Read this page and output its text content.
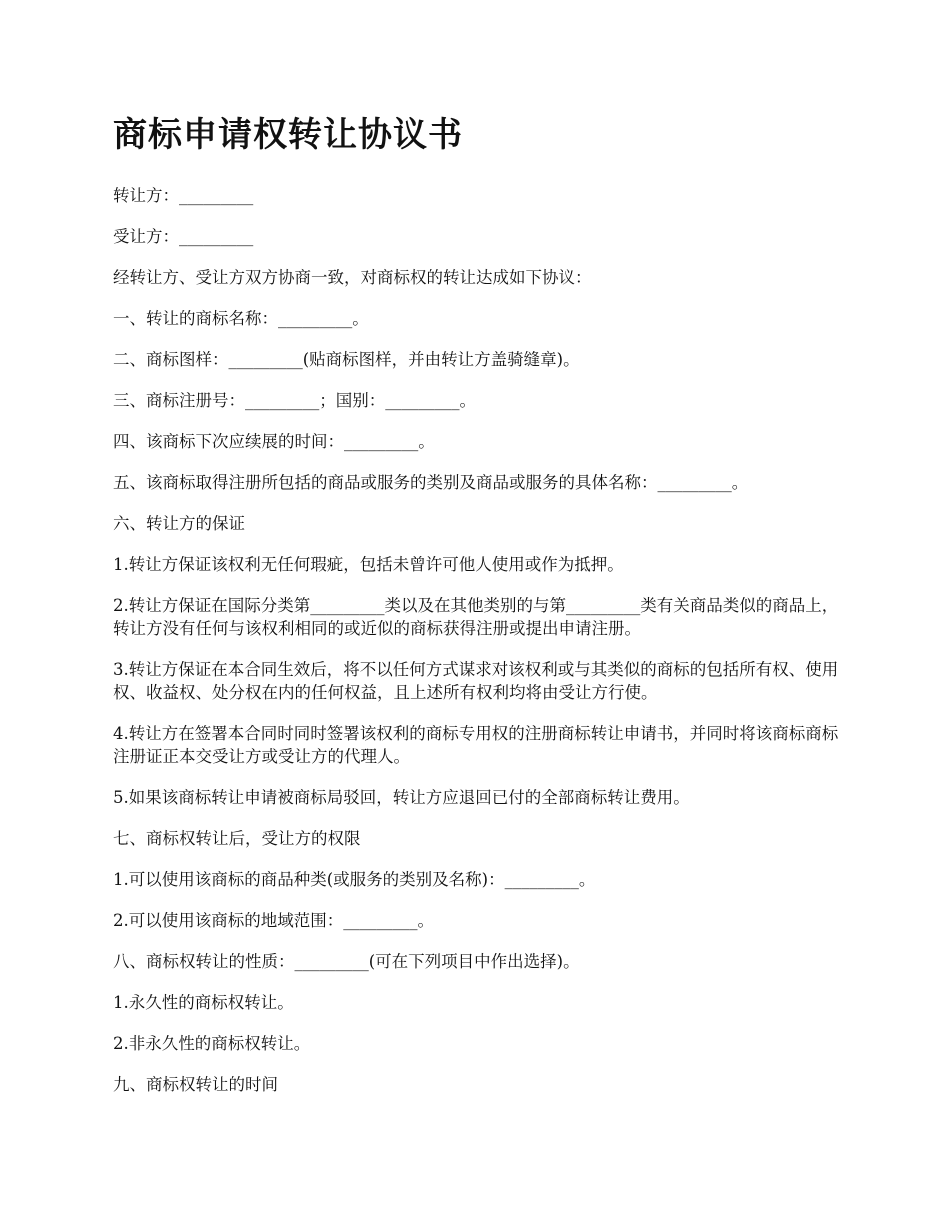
商标申请权转让协议书

转让方：_________

受让方：_________

经转让方、受让方双方协商一致，对商标权的转让达成如下协议：

一、转让的商标名称：_________。

二、商标图样：_________(贴商标图样，并由转让方盖骑缝章)。

三、商标注册号：_________；国别：_________。

四、该商标下次应续展的时间：_________。

五、该商标取得注册所包括的商品或服务的类别及商品或服务的具体名称：_________。

六、转让方的保证

1.转让方保证该权利无任何瑕疵，包括未曾许可他人使用或作为抵押。

2.转让方保证在国际分类第_________类以及在其他类别的与第_________类有关商品类似的商品上，转让方没有任何与该权利相同的或近似的商标获得注册或提出申请注册。

3.转让方保证在本合同生效后，将不以任何方式谋求对该权利或与其类似的商标的包括所有权、使用权、收益权、处分权在内的任何权益，且上述所有权利均将由受让方行使。

4.转让方在签署本合同时同时签署该权利的商标专用权的注册商标转让申请书，并同时将该商标商标注册证正本交受让方或受让方的代理人。

5.如果该商标转让申请被商标局驳回，转让方应退回已付的全部商标转让费用。

七、商标权转让后，受让方的权限

1.可以使用该商标的商品种类(或服务的类别及名称)：_________。

2.可以使用该商标的地域范围：_________。

八、商标权转让的性质：_________(可在下列项目中作出选择)。

1.永久性的商标权转让。

2.非永久性的商标权转让。

九、商标权转让的时间
